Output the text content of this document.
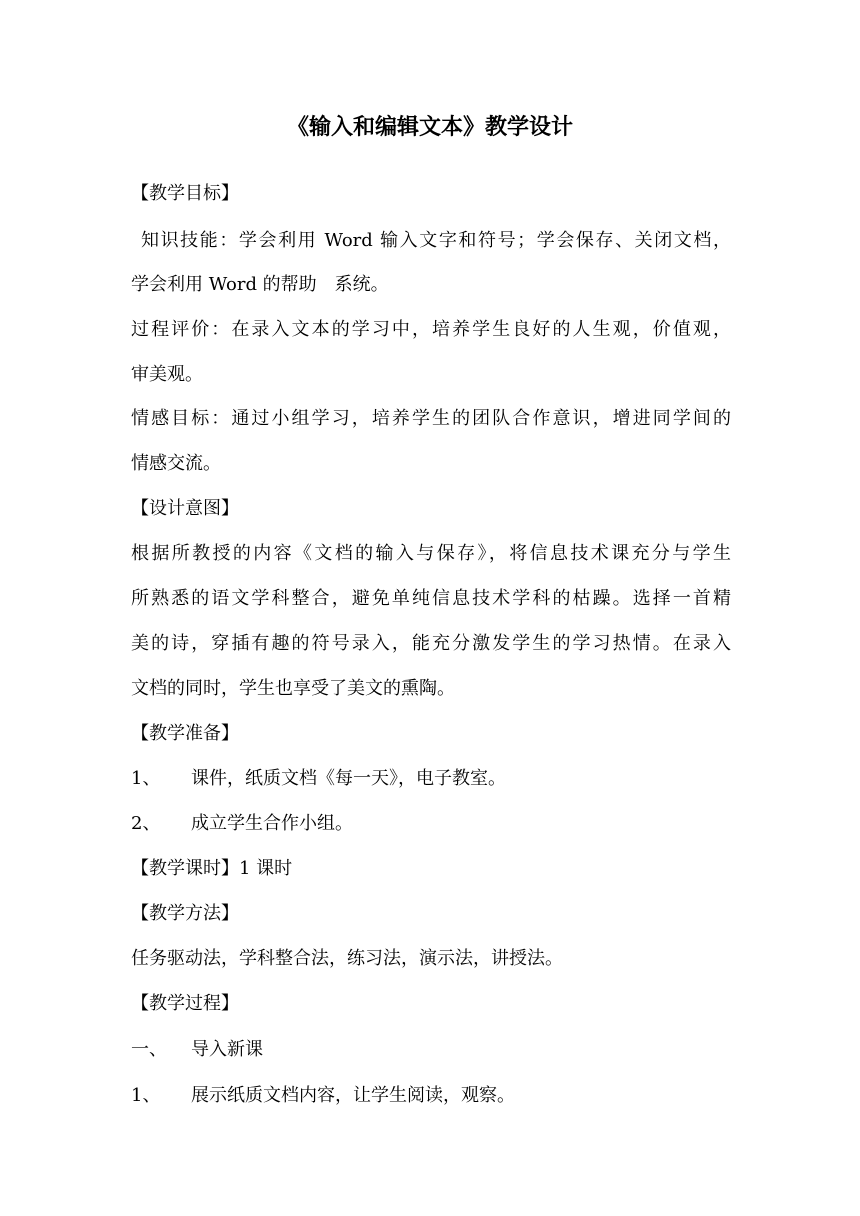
《输入和编辑文本》教学设计
【教学目标】
知识技能：学会利用 Word 输入文字和符号；学会保存、关闭文档，
学会利用 Word 的帮助　系统。
过程评价：在录入文本的学习中，培养学生良好的人生观，价值观，
审美观。
情感目标：通过小组学习，培养学生的团队合作意识，增进同学间的
情感交流。
【设计意图】
根据所教授的内容《文档的输入与保存》，将信息技术课充分与学生
所熟悉的语文学科整合，避免单纯信息技术学科的枯躁。选择一首精
美的诗，穿插有趣的符号录入，能充分激发学生的学习热情。在录入
文档的同时，学生也享受了美文的熏陶。
【教学准备】
1、 课件，纸质文档《每一天》，电子教室。
2、 成立学生合作小组。
【教学课时】1 课时
【教学方法】
任务驱动法，学科整合法，练习法，演示法，讲授法。
【教学过程】
一、 导入新课
1、 展示纸质文档内容，让学生阅读，观察。
